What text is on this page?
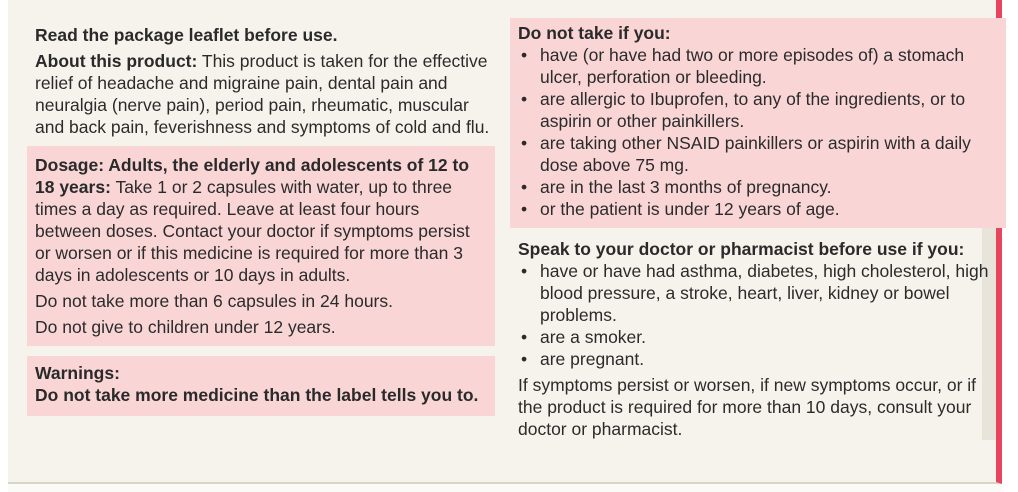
Read the package leaflet before use.
About this product: This product is taken for the effective relief of headache and migraine pain, dental pain and neuralgia (nerve pain), period pain, rheumatic, muscular and back pain, feverishness and symptoms of cold and flu.
Dosage: Adults, the elderly and adolescents of 12 to 18 years: Take 1 or 2 capsules with water, up to three times a day as required. Leave at least four hours between doses. Contact your doctor if symptoms persist or worsen or if this medicine is required for more than 3 days in adolescents or 10 days in adults.
Do not take more than 6 capsules in 24 hours.
Do not give to children under 12 years.
Warnings:
Do not take more medicine than the label tells you to.
Do not take if you:
• have (or have had two or more episodes of) a stomach ulcer, perforation or bleeding.
• are allergic to Ibuprofen, to any of the ingredients, or to aspirin or other painkillers.
• are taking other NSAID painkillers or aspirin with a daily dose above 75 mg.
• are in the last 3 months of pregnancy.
• or the patient is under 12 years of age.
Speak to your doctor or pharmacist before use if you:
• have or have had asthma, diabetes, high cholesterol, high blood pressure, a stroke, heart, liver, kidney or bowel problems.
• are a smoker.
• are pregnant.
If symptoms persist or worsen, if new symptoms occur, or if the product is required for more than 10 days, consult your doctor or pharmacist.
